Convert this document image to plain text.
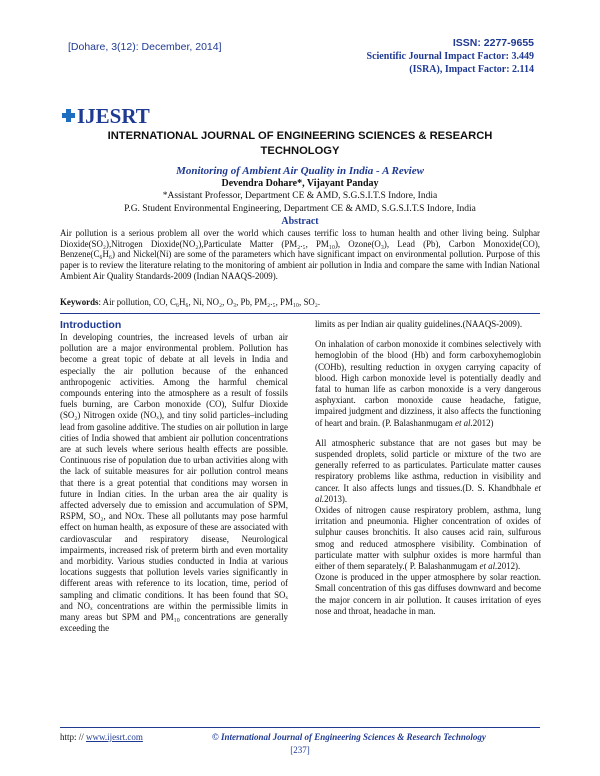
[Dohare, 3(12): December, 2014]	ISSN: 2277-9655
Scientific Journal Impact Factor: 3.449
(ISRA), Impact Factor: 2.114
IJESRT
INTERNATIONAL JOURNAL OF ENGINEERING SCIENCES & RESEARCH TECHNOLOGY
Monitoring of Ambient Air Quality in India - A Review
Devendra Dohare*, Vijayant Panday
*Assistant Professor, Department CE & AMD, S.G.S.I.T.S Indore, India
P.G. Student Environmental Engineering, Department CE & AMD, S.G.S.I.T.S Indore, India
Abstract
Air pollution is a serious problem all over the world which causes terrific loss to human health and other living being. Sulphar Dioxide(SO₂),Nitrogen Dioxide(NO₂),Particulate Matter (PM₂.₅, PM₁₀), Ozone(O₃), Lead (Pb), Carbon Monoxide(CO), Benzene(C₆H₆) and Nickel(Ni) are some of the parameters which have significant impact on environmental pollution. Purpose of this paper is to review the literature relating to the monitoring of ambient air pollution in India and compare the same with Indian National Ambient Air Quality Standards-2009 (Indian NAAQS-2009).
Keywords: Air pollution, CO, C₆H₆, Ni, NO₂, O₃, Pb, PM₂.₅, PM₁₀, SO₂.
Introduction

In developing countries, the increased levels of urban air pollution are a major environmental problem. Pollution has become a great topic of debate at all levels in India and especially the air pollution because of the enhanced anthropogenic activities. Among the harmful chemical compounds entering into the atmosphere as a result of fossils fuels burning, are Carbon monoxide (CO), Sulfur Dioxide (SO₂) Nitrogen oxide (NOₓ), and tiny solid particles–including lead from gasoline additive. The studies on air pollution in large cities of India showed that ambient air pollution concentrations are at such levels where serious health effects are possible. Continuous rise of population due to urban activities along with the lack of suitable measures for air pollution control means that there is a great potential that conditions may worsen in future in Indian cities. In the urban area the air quality is affected adversely due to emission and accumulation of SPM, RSPM, SO₂, and NOx. These all pollutants may pose harmful effect on human health, as exposure of these are associated with cardiovascular and respiratory disease, Neurological impairments, increased risk of preterm birth and even mortality and morbidity. Various studies conducted in India at various locations suggests that pollution levels varies significantly in different areas with reference to its location, time, period of sampling and climatic conditions. It has been found that SOₓ and NOₓ concentrations are within the permissible limits in many areas but SPM and PM₁₀ concentrations are generally exceeding the

limits as per Indian air quality guidelines.(NAAQS-2009).

On inhalation of carbon monoxide it combines selectively with hemoglobin of the blood (Hb) and form carboxyhemoglobin (COHb), resulting reduction in oxygen carrying capacity of blood. High carbon monoxide level is potentially deadly and fatal to human life as carbon monoxide is a very dangerous asphyxiant. carbon monoxide cause headache, fatigue, impaired judgment and dizziness, it also affects the functioning of heart and brain. (P. Balashanmugam et al.2012)

All atmospheric substance that are not gases but may be suspended droplets, solid particle or mixture of the two are generally referred to as particulates. Particulate matter causes respiratory problems like asthma, reduction in visibility and cancer. It also affects lungs and tissues.(D. S. Khandbhale et al.2013).

Oxides of nitrogen cause respiratory problem, asthma, lung irritation and pneumonia. Higher concentration of oxides of sulphur causes bronchitis. It also causes acid rain, sulfurous smog and reduced atmosphere visibility. Combination of particulate matter with sulphur oxides is more harmful than either of them separately.( P. Balashanmugam et al.2012).

Ozone is produced in the upper atmosphere by solar reaction. Small concentration of this gas diffuses downward and become the major concern in air pollution. It causes irritation of eyes nose and throat, headache in man.

http: // www.ijesrt.com	© International Journal of Engineering Sciences & Research Technology
[237]
